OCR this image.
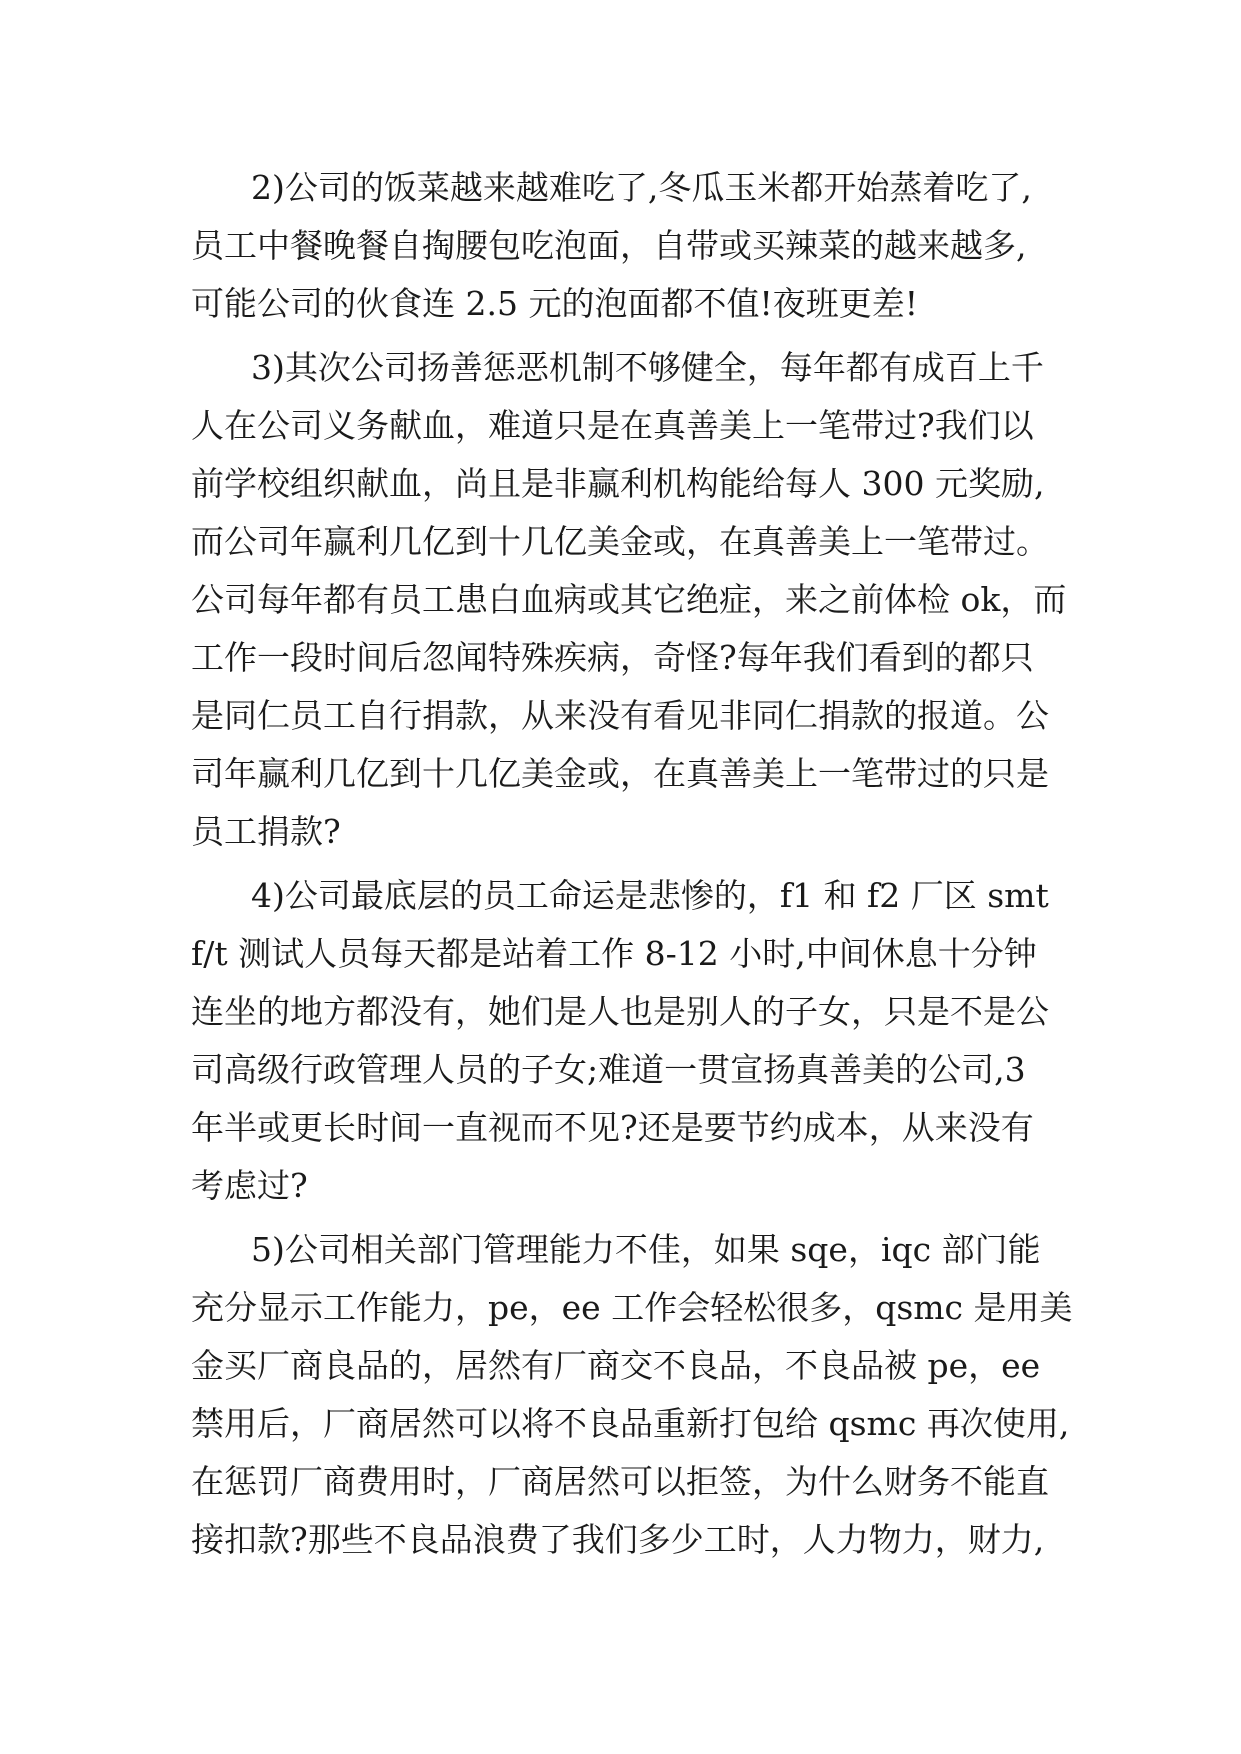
2)公司的饭菜越来越难吃了,冬瓜玉米都开始蒸着吃了,
员工中餐晚餐自掏腰包吃泡面，自带或买辣菜的越来越多,
可能公司的伙食连 2.5 元的泡面都不值!夜班更差!
3)其次公司扬善惩恶机制不够健全，每年都有成百上千
人在公司义务献血，难道只是在真善美上一笔带过?我们以
前学校组织献血，尚且是非赢利机构能给每人 300 元奖励,
而公司年赢利几亿到十几亿美金或，在真善美上一笔带过。
公司每年都有员工患白血病或其它绝症，来之前体检 ok，而
工作一段时间后忽闻特殊疾病，奇怪?每年我们看到的都只
是同仁员工自行捐款，从来没有看见非同仁捐款的报道。公
司年赢利几亿到十几亿美金或，在真善美上一笔带过的只是
员工捐款?
4)公司最底层的员工命运是悲惨的，f1 和 f2 厂区 smt
f/t 测试人员每天都是站着工作 8-12 小时,中间休息十分钟
连坐的地方都没有，她们是人也是别人的子女，只是不是公
司高级行政管理人员的子女;难道一贯宣扬真善美的公司,3
年半或更长时间一直视而不见?还是要节约成本，从来没有
考虑过?
5)公司相关部门管理能力不佳，如果 sqe，iqc 部门能
充分显示工作能力，pe，ee 工作会轻松很多，qsmc 是用美
金买厂商良品的，居然有厂商交不良品，不良品被 pe，ee
禁用后，厂商居然可以将不良品重新打包给 qsmc 再次使用,
在惩罚厂商费用时，厂商居然可以拒签，为什么财务不能直
接扣款?那些不良品浪费了我们多少工时，人力物力，财力,
